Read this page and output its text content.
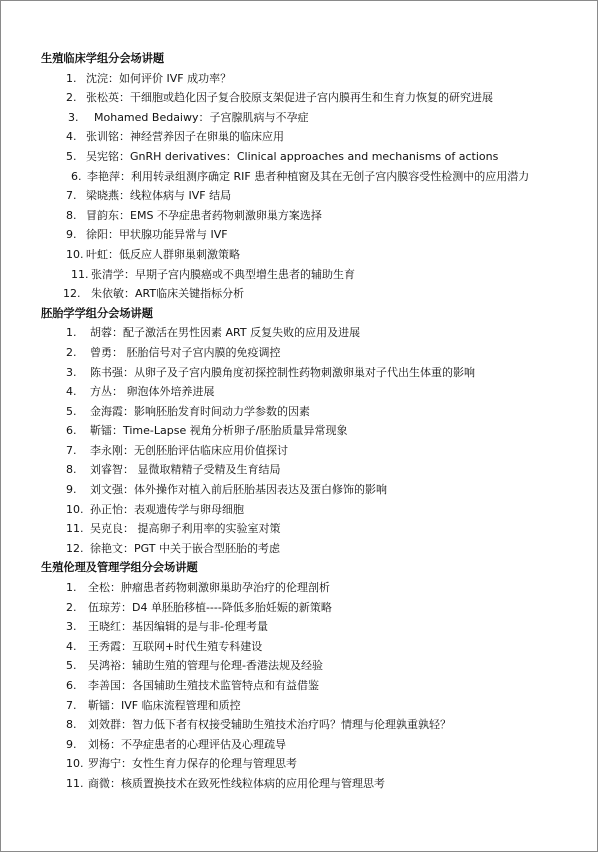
生殖临床学组分会场讲题
1. 沈浣：如何评价 IVF 成功率？
2. 张松英：干细胞或趋化因子复合胶原支架促进子宫内膜再生和生育力恢复的研究进展
3. Mohamed Bedaiwy：子宫腺肌病与不孕症
4. 张训铭：神经营养因子在卵巢的临床应用
5. 吴宪铭：GnRH derivatives：Clinical approaches and mechanisms of actions
6. 李艳萍：利用转录组测序确定 RIF 患者种植窗及其在无创子宫内膜容受性检测中的应用潜力
7. 梁晓燕：线粒体病与 IVF 结局
8. 冒韵东：EMS 不孕症患者药物刺激卵巢方案选择
9. 徐阳：甲状腺功能异常与 IVF
10. 叶虹：低反应人群卵巢刺激策略
11. 张清学：早期子宫内膜癌或不典型增生患者的辅助生育
12. 朱依敏：ART临床关键指标分析
胚胎学学组分会场讲题
1. 胡蓉：配子激活在男性因素 ART 反复失败的应用及进展
2. 曾勇： 胚胎信号对子宫内膜的免疫调控
3. 陈书强：从卵子及子宫内膜角度初探控制性药物刺激卵巢对子代出生体重的影响
4. 方丛： 卵泡体外培养进展
5. 金海霞：影响胚胎发育时间动力学参数的因素
6. 靳镭：Time-Lapse 视角分析卵子/胚胎质量异常现象
7. 李永刚：无创胚胎评估临床应用价值探讨
8. 刘睿智： 显微取精精子受精及生育结局
9. 刘文强：体外操作对植入前后胚胎基因表达及蛋白修饰的影响
10. 孙正怡：表观遗传学与卵母细胞
11. 吴克良： 提高卵子利用率的实验室对策
12. 徐艳文：PGT 中关于嵌合型胚胎的考虑
生殖伦理及管理学组分会场讲题
1. 全松：肿瘤患者药物刺激卵巢助孕治疗的伦理剖析
2. 伍琼芳：D4 单胚胎移植----降低多胎妊娠的新策略
3. 王晓红：基因编辑的是与非-伦理考量
4. 王秀霞：互联网+时代生殖专科建设
5. 吴鸿裕：辅助生殖的管理与伦理-香港法规及经验
6. 李善国：各国辅助生殖技术监管特点和有益借鉴
7. 靳镭：IVF 临床流程管理和质控
8. 刘效群：智力低下者有权接受辅助生殖技术治疗吗？情理与伦理孰重孰轻？
9. 刘杨：不孕症患者的心理评估及心理疏导
10. 罗海宁：女性生育力保存的伦理与管理思考
11. 商微：核质置换技术在致死性线粒体病的应用伦理与管理思考
